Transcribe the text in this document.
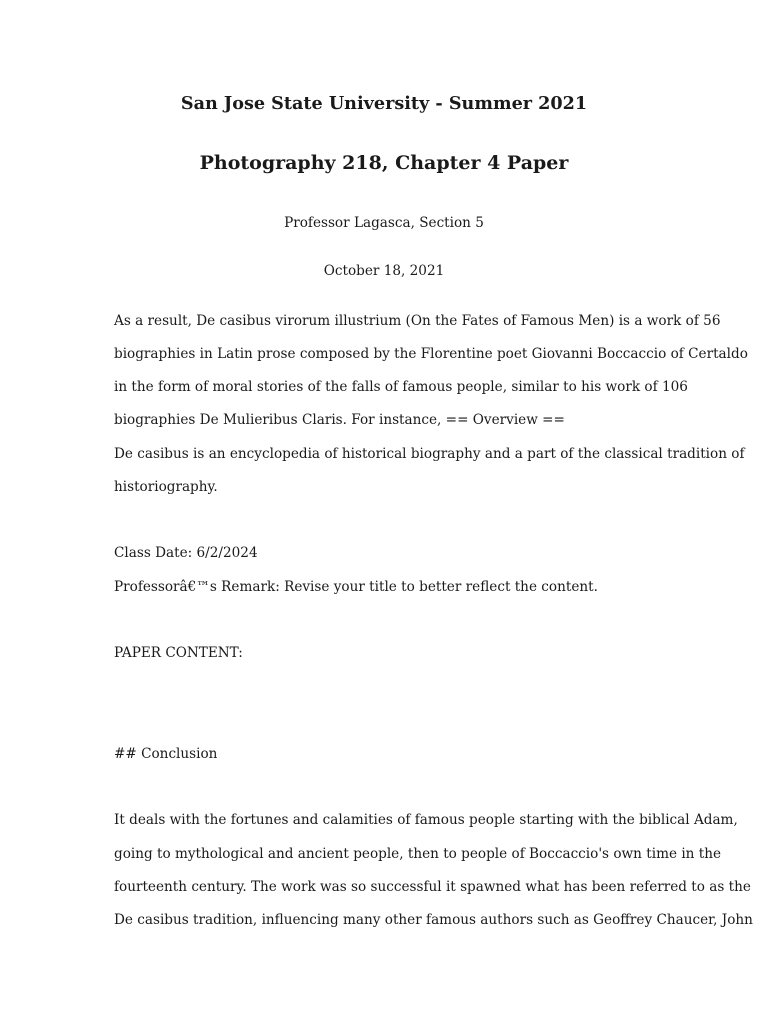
San Jose State University - Summer 2021
Photography 218, Chapter 4 Paper
Professor Lagasca, Section 5
October 18, 2021
As a result, De casibus virorum illustrium (On the Fates of Famous Men) is a work of 56
biographies in Latin prose composed by the Florentine poet Giovanni Boccaccio of Certaldo
in the form of moral stories of the falls of famous people, similar to his work of 106
biographies De Mulieribus Claris. For instance, == Overview ==
De casibus is an encyclopedia of historical biography and a part of the classical tradition of
historiography.
Class Date: 6/2/2024
Professorâ€™s Remark: Revise your title to better reflect the content.
PAPER CONTENT:
## Conclusion
It deals with the fortunes and calamities of famous people starting with the biblical Adam,
going to mythological and ancient people, then to people of Boccaccio's own time in the
fourteenth century. The work was so successful it spawned what has been referred to as the
De casibus tradition, influencing many other famous authors such as Geoffrey Chaucer, John
